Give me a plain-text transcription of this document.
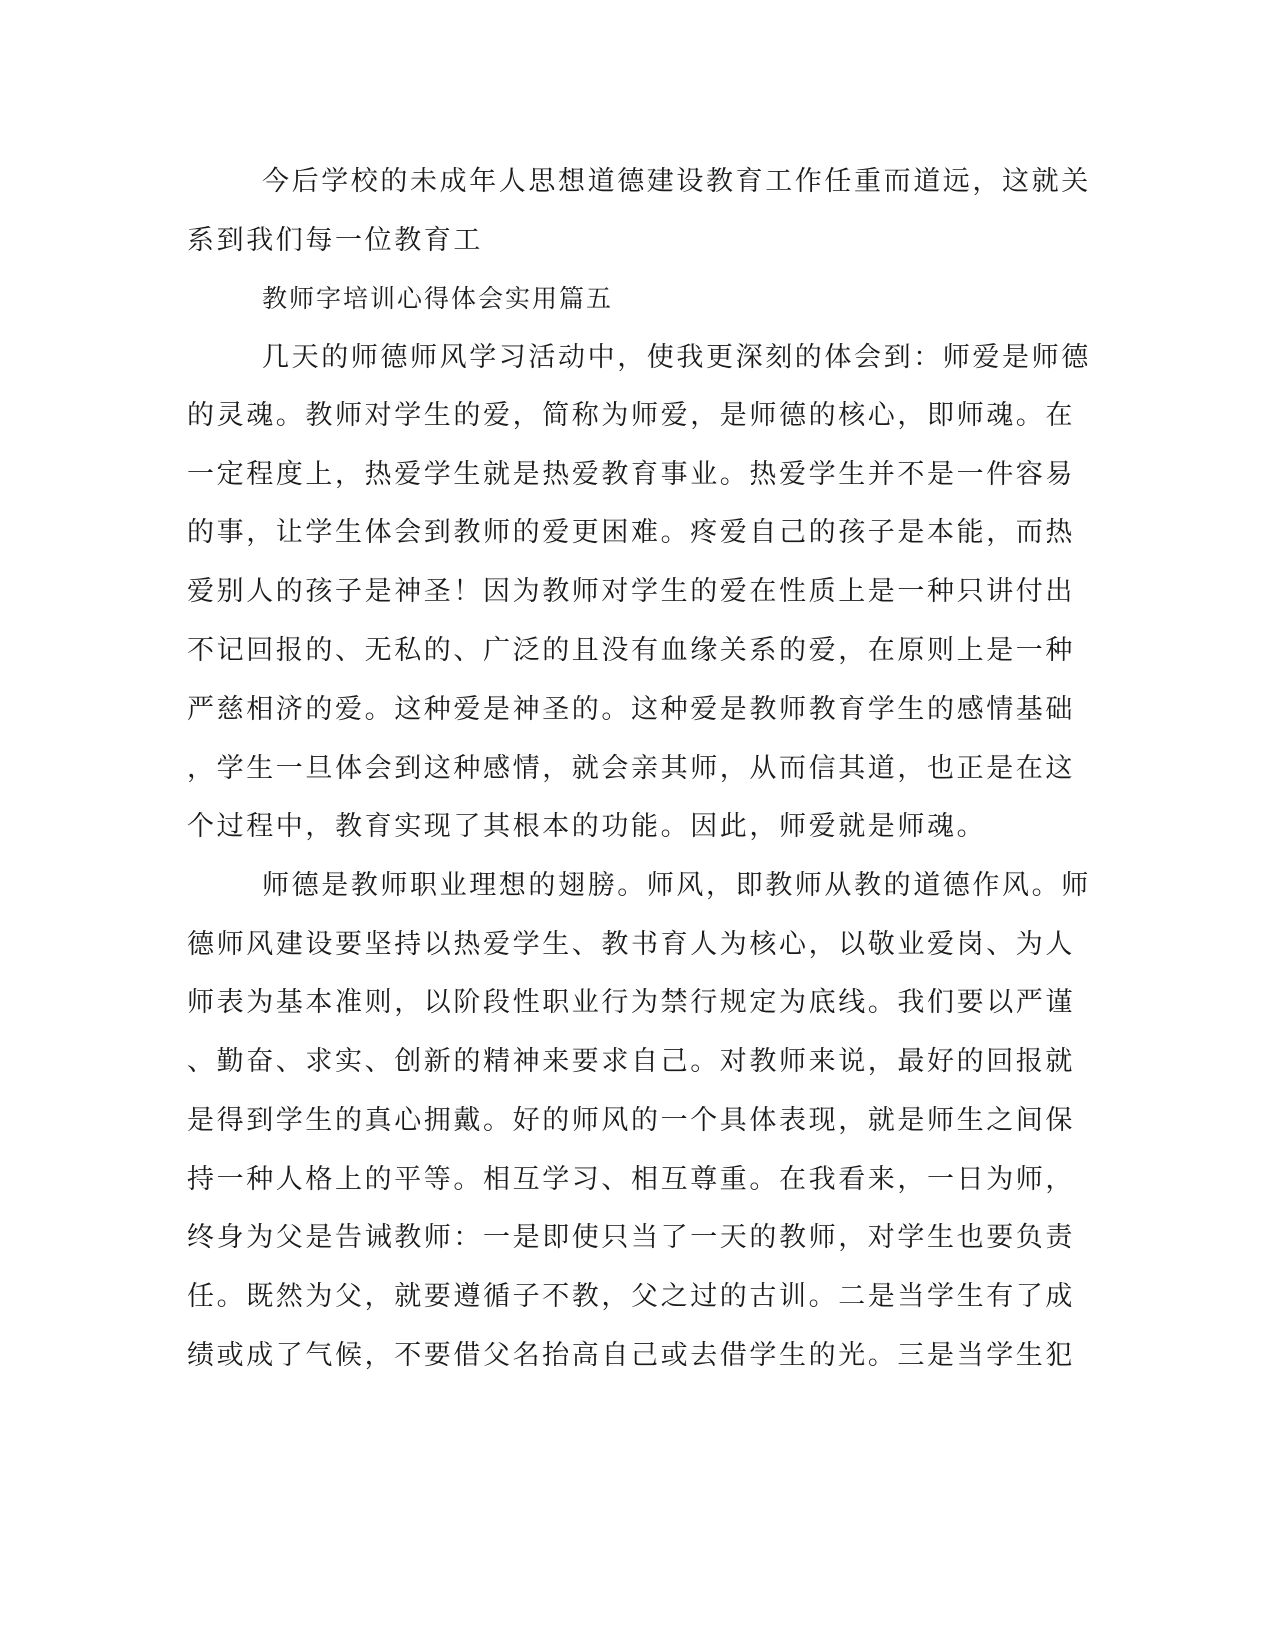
今后学校的未成年人思想道德建设教育工作任重而道远，这就关
系到我们每一位教育工
教师字培训心得体会实用篇五
几天的师德师风学习活动中，使我更深刻的体会到：师爱是师德
的灵魂。教师对学生的爱，简称为师爱，是师德的核心，即师魂。在
一定程度上，热爱学生就是热爱教育事业。热爱学生并不是一件容易
的事，让学生体会到教师的爱更困难。疼爱自己的孩子是本能，而热
爱别人的孩子是神圣！因为教师对学生的爱在性质上是一种只讲付出
不记回报的、无私的、广泛的且没有血缘关系的爱，在原则上是一种
严慈相济的爱。这种爱是神圣的。这种爱是教师教育学生的感情基础
，学生一旦体会到这种感情，就会亲其师，从而信其道，也正是在这
个过程中，教育实现了其根本的功能。因此，师爱就是师魂。
师德是教师职业理想的翅膀。师风，即教师从教的道德作风。师
德师风建设要坚持以热爱学生、教书育人为核心，以敬业爱岗、为人
师表为基本准则，以阶段性职业行为禁行规定为底线。我们要以严谨
、勤奋、求实、创新的精神来要求自己。对教师来说，最好的回报就
是得到学生的真心拥戴。好的师风的一个具体表现，就是师生之间保
持一种人格上的平等。相互学习、相互尊重。在我看来，一日为师，
终身为父是告诫教师：一是即使只当了一天的教师，对学生也要负责
任。既然为父，就要遵循子不教，父之过的古训。二是当学生有了成
绩或成了气候，不要借父名抬高自己或去借学生的光。三是当学生犯
